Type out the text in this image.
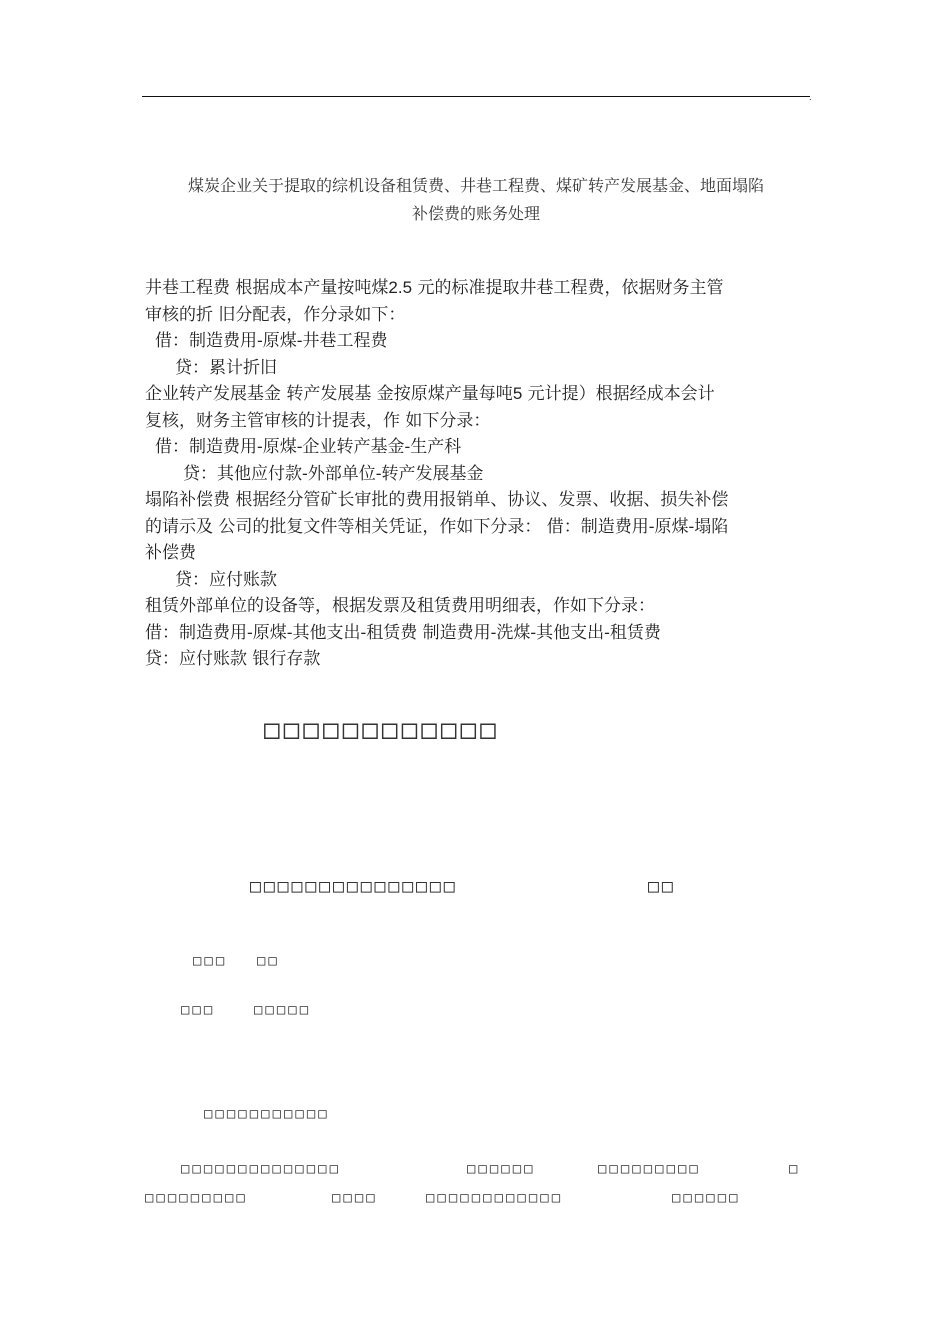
.
煤炭企业关于提取的综机设备租赁费、井巷工程费、煤矿转产发展基金、地面塌陷
补偿费的账务处理
井巷工程费 根据成本产量按吨煤2.5 元的标准提取井巷工程费，依据财务主管
审核的折 旧分配表，作分录如下：
借：制造费用-原煤-井巷工程费
贷：累计折旧
企业转产发展基金 转产发展基 金按原煤产量每吨5 元计提）根据经成本会计
复核，财务主管审核的计提表，作 如下分录：
借：制造费用-原煤-企业转产基金-生产科
贷：其他应付款-外部单位-转产发展基金
塌陷补偿费 根据经分管矿长审批的费用报销单、协议、发票、收据、损失补偿
的请示及 公司的批复文件等相关凭证，作如下分录： 借：制造费用-原煤-塌陷
补偿费
贷：应付账款
租赁外部单位的设备等，根据发票及租赁费用明细表，作如下分录：
借：制造费用-原煤-其他支出-租赁费 制造费用-洗煤-其他支出-租赁费
贷：应付账款 银行存款
□□□□□□□□□□□□
□□□□□□□□□□□□□□□	□□
□□□ □□
□□□	□□□□□
□□□□□□□□□□□
□□□□□□□□□□□□□□	□□□□□□	□□□□□□□□□	□
□□□□□□□□□	□□□□	□□□□□□□□□□□□	□□□□□□
